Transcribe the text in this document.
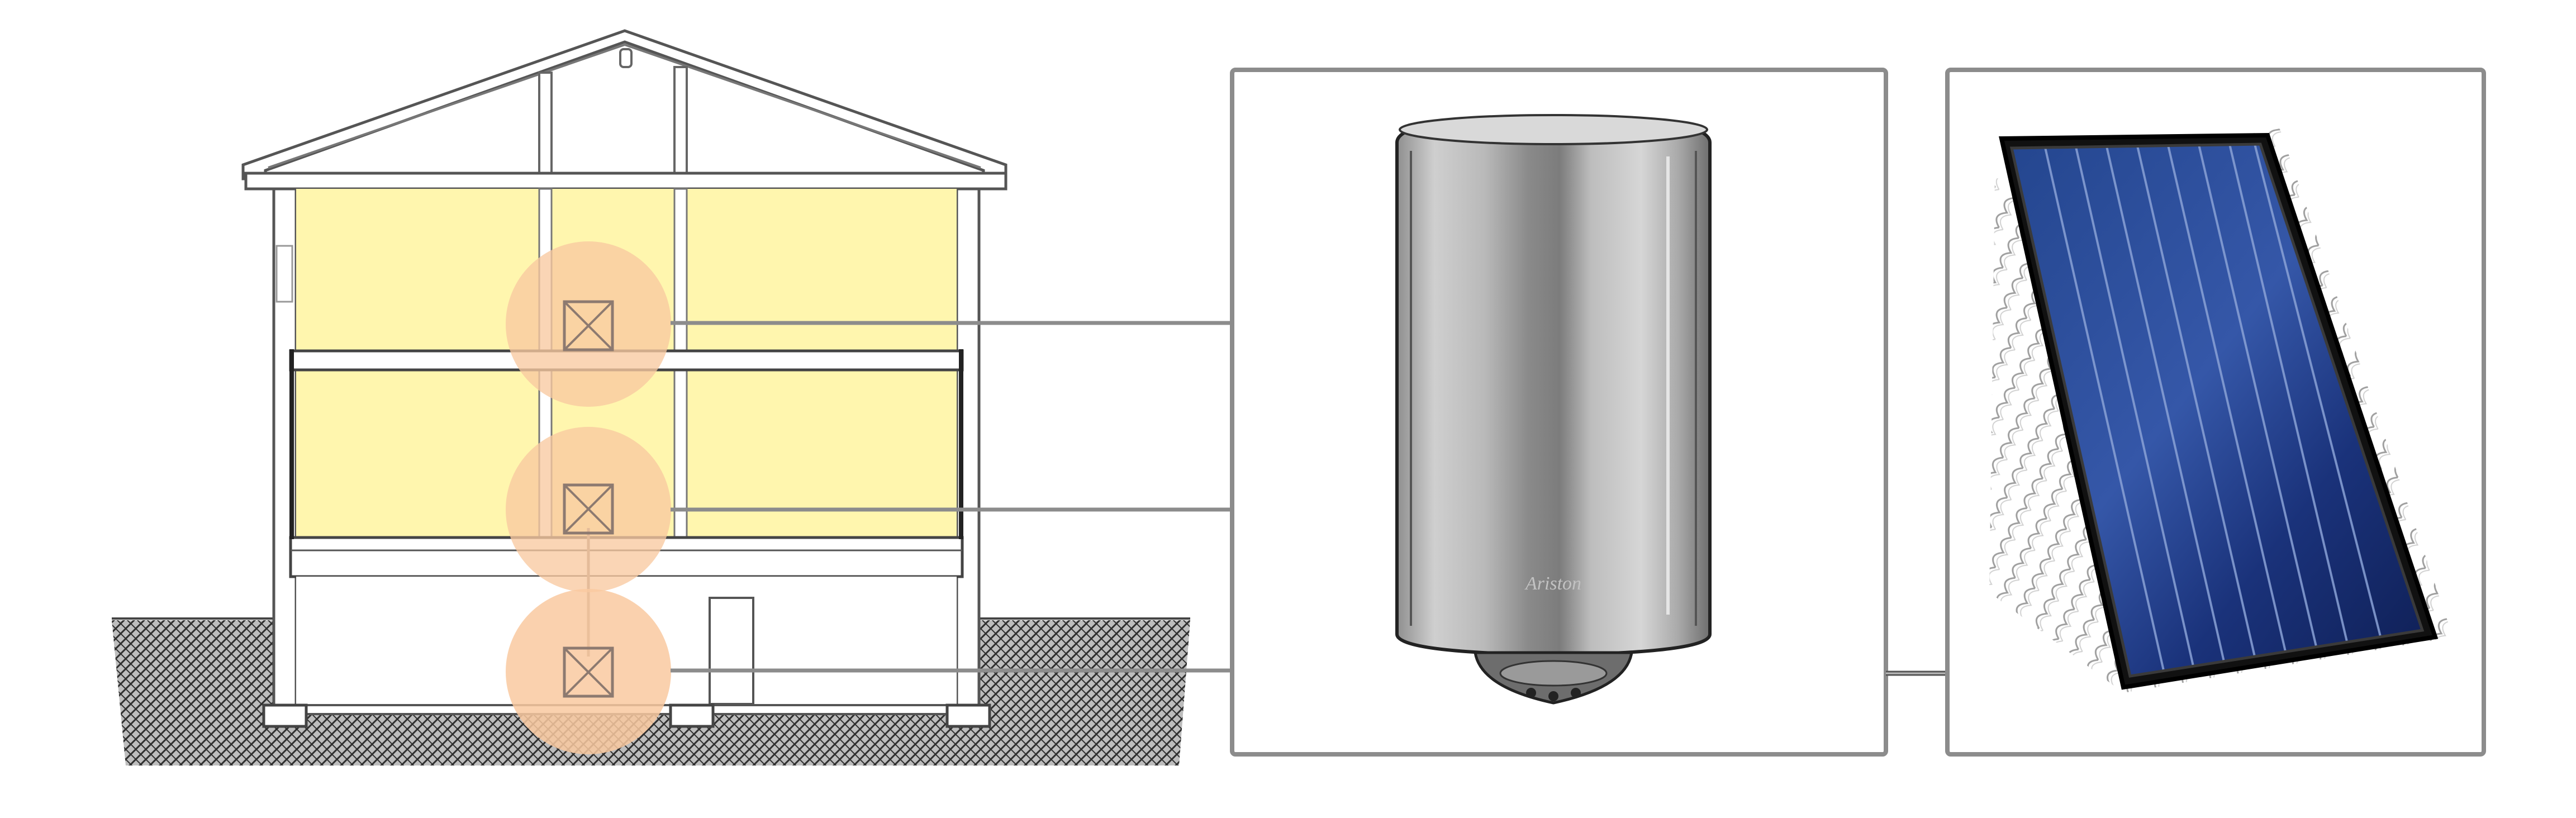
Ariston
